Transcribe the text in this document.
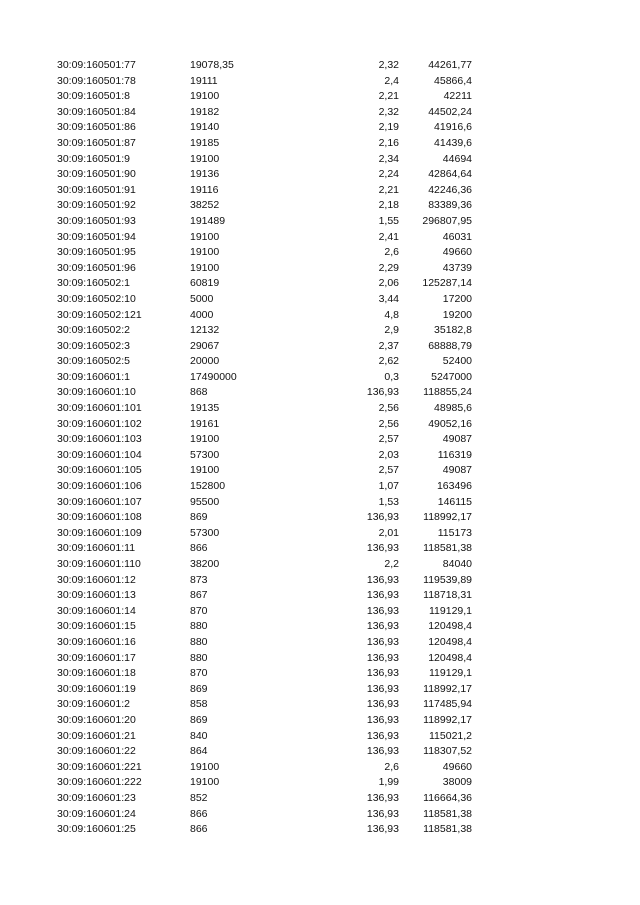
30:09:160501:77	19078,35	2,32	44261,77
30:09:160501:78	19111	2,4	45866,4
30:09:160501:8	19100	2,21	42211
30:09:160501:84	19182	2,32	44502,24
30:09:160501:86	19140	2,19	41916,6
30:09:160501:87	19185	2,16	41439,6
30:09:160501:9	19100	2,34	44694
30:09:160501:90	19136	2,24	42864,64
30:09:160501:91	19116	2,21	42246,36
30:09:160501:92	38252	2,18	83389,36
30:09:160501:93	191489	1,55	296807,95
30:09:160501:94	19100	2,41	46031
30:09:160501:95	19100	2,6	49660
30:09:160501:96	19100	2,29	43739
30:09:160502:1	60819	2,06	125287,14
30:09:160502:10	5000	3,44	17200
30:09:160502:121	4000	4,8	19200
30:09:160502:2	12132	2,9	35182,8
30:09:160502:3	29067	2,37	68888,79
30:09:160502:5	20000	2,62	52400
30:09:160601:1	17490000	0,3	5247000
30:09:160601:10	868	136,93	118855,24
30:09:160601:101	19135	2,56	48985,6
30:09:160601:102	19161	2,56	49052,16
30:09:160601:103	19100	2,57	49087
30:09:160601:104	57300	2,03	116319
30:09:160601:105	19100	2,57	49087
30:09:160601:106	152800	1,07	163496
30:09:160601:107	95500	1,53	146115
30:09:160601:108	869	136,93	118992,17
30:09:160601:109	57300	2,01	115173
30:09:160601:11	866	136,93	118581,38
30:09:160601:110	38200	2,2	84040
30:09:160601:12	873	136,93	119539,89
30:09:160601:13	867	136,93	118718,31
30:09:160601:14	870	136,93	119129,1
30:09:160601:15	880	136,93	120498,4
30:09:160601:16	880	136,93	120498,4
30:09:160601:17	880	136,93	120498,4
30:09:160601:18	870	136,93	119129,1
30:09:160601:19	869	136,93	118992,17
30:09:160601:2	858	136,93	117485,94
30:09:160601:20	869	136,93	118992,17
30:09:160601:21	840	136,93	115021,2
30:09:160601:22	864	136,93	118307,52
30:09:160601:221	19100	2,6	49660
30:09:160601:222	19100	1,99	38009
30:09:160601:23	852	136,93	116664,36
30:09:160601:24	866	136,93	118581,38
30:09:160601:25	866	136,93	118581,38
